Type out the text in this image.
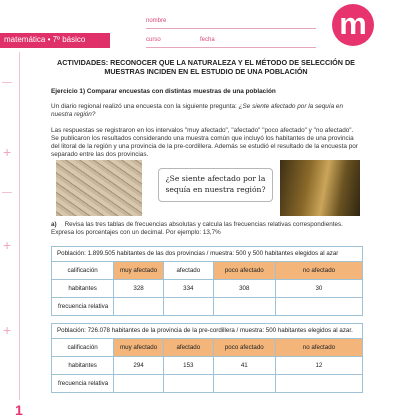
nombre
curso	fecha
matemática • 7º básico	m
+
+
+
1
ACTIVIDADES: RECONOCER QUE LA NATURALEZA Y EL MÉTODO DE SELECCIÓN DE
MUESTRAS INCIDEN EN EL ESTUDIO DE UNA POBLACIÓN
Ejercicio 1) Comparar encuestas con distintas muestras de una población
Un diario regional realizó una encuesta con la siguiente pregunta: ¿Se siente afectado por la sequía en nuestra región?
Las respuestas se registraron en los intervalos "muy afectado", "afectado" "poco afectado" y "no afectado". Se publicaron los resultados considerando una muestra común que incluyó los habitantes de una provincia del litoral de la región y una provincia de la pre-cordillera. Además se estudió el resultado de la encuesta por separado entre las dos provincias.
¿Se siente afectado por la
sequía en nuestra región?
a) Revisa las tres tablas de frecuencias absolutas y calcula las frecuencias relativas correspondientes. Expresa los porcentajes con un decimal. Por ejemplo: 13,7%
Población: 1.899.505 habitantes de las dos provincias / muestra: 500 y 500 habitantes elegidos al azar
calificación	muy afectado	afectado	poco afectado	no afectado
habitantes	328	334	308	30
frecuencia relativa				
Población: 726.078 habitantes de la provincia de la pre-cordillera / muestra: 500 habitantes elegidos al azar.
calificación	muy afectado	afectado	poco afectado	no afectado
habitantes	294	153	41	12
frecuencia relativa				
